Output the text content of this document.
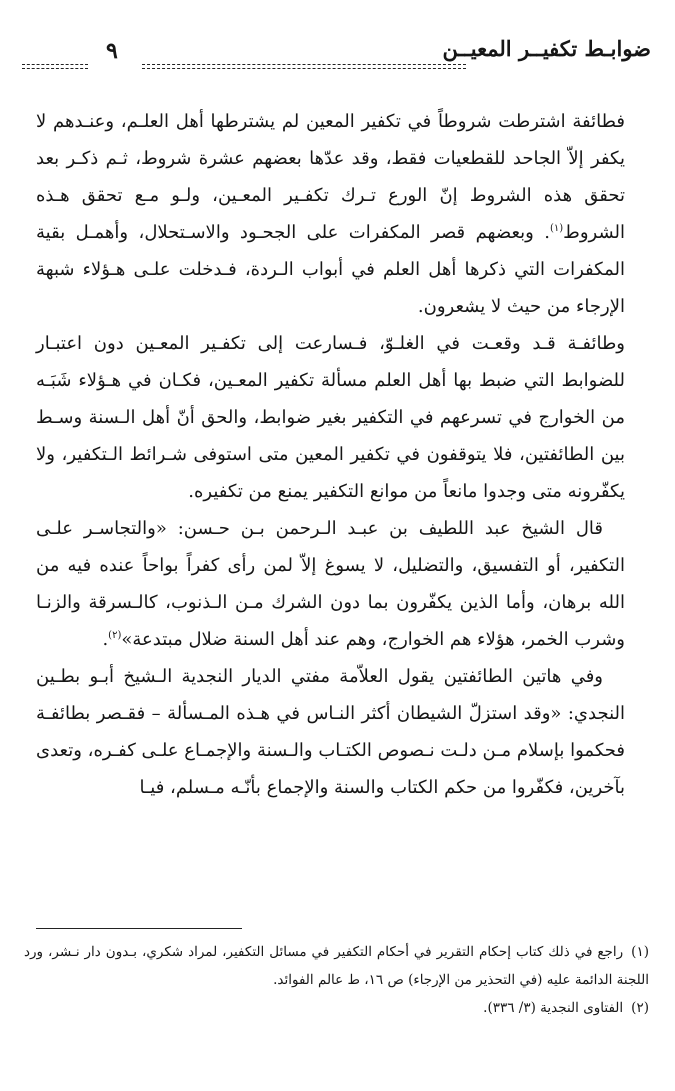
ضوابـط تكفيــر المعيــن
٩

فطائفة اشترطت شروطاً في تكفير المعين لم يشترطها أهل العلـم، وعنـدهم لا يكفر إلاّ الجاحد للقطعيات فقط، وقد عدّها بعضهم عشرة شروط، ثـم ذكـر بعد تحقق هذه الشروط إنّ الورع تـرك تكفـير المعـين، ولـو مـع تحقق هـذه الشروط$^{(١)}$. وبعضهم قصر المكفرات على الجحـود والاسـتحلال، وأهمـل بقية المكفرات التي ذكرها أهل العلم في أبواب الـردة، فـدخلت علـى هـؤلاء شبهة الإرجاء من حيث لا يشعرون.

وطائفـة قـد وقعـت في الغلـوّ، فـسارعت إلى تكفـير المعـين دون اعتبـار للضوابط التي ضبط بها أهل العلم مسألة تكفير المعـين، فكـان في هـؤلاء شَبَـه من الخوارج في تسرعهم في التكفير بغير ضوابط، والحق أنّ أهل الـسنة وسـط بين الطائفتين، فلا يتوقفون في تكفير المعين متى استوفى شـرائط الـتكفير، ولا يكفّرونه متى وجدوا مانعاً من موانع التكفير يمنع من تكفيره.

قال الشيخ عبد اللطيف بن عبـد الـرحمن بـن حـسن: «والتجاسـر علـى التكفير، أو التفسيق، والتضليل، لا يسوغ إلاّ لمن رأى كفراً بواحاً عنده فيه من الله برهان، وأما الذين يكفّرون بما دون الشرك مـن الـذنوب، كالـسرقة والزنـا وشرب الخمر، هؤلاء هم الخوارج، وهم عند أهل السنة ضلال مبتدعة»$^{(٢)}$.

وفي هاتين الطائفتين يقول العلاّمة مفتي الديار النجدية الـشيخ أبـو بطـين النجدي: «وقد استزلّ الشيطان أكثر النـاس في هـذه المـسألة – فقـصر بطائفـة فحكموا بإسلام مـن دلـت نـصوص الكتـاب والـسنة والإجمـاع علـى كفـره، وتعدى بآخرين، فكفّروا من حكم الكتاب والسنة والإجماع بأنّـه مـسلم، فيـا

(١)راجع في ذلك كتاب إحكام التقرير في أحكام التكفير في مسائل التكفير، لمراد شكري، بـدون دار نـشر، ورد اللجنة الدائمة عليه (في التحذير من الإرجاء) ص ١٦، ط عالم الفوائد.

(٢)الفتاوى النجدية (٣/ ٣٣٦).
